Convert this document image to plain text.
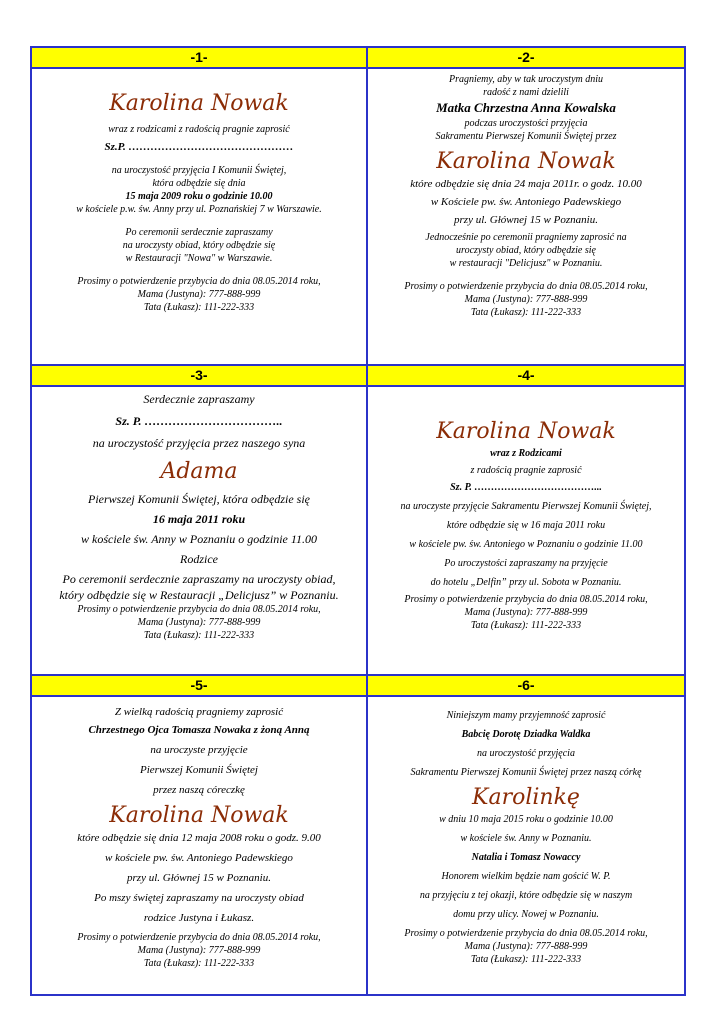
-1-	-2-
Karolina Nowak
wraz z rodzicami z radością pragnie zaprosić
Sz.P. ………………………………………
na uroczystość przyjęcia I Komunii Świętej,
która odbędzie się dnia
15 maja 2009 roku o godzinie 10.00
w kościele p.w. św. Anny przy ul. Poznańskiej 7 w Warszawie.
Po ceremonii serdecznie zapraszamy
na uroczysty obiad, który odbędzie się
w Restauracji "Nowa" w Warszawie.
Prosimy o potwierdzenie przybycia do dnia 08.05.2014 roku,
Mama (Justyna): 777-888-999
Tata (Łukasz): 111-222-333
Pragniemy, aby w tak uroczystym dniu
radość z nami dzielili
Matka Chrzestna Anna Kowalska
podczas uroczystości przyjęcia
Sakramentu Pierwszej Komunii Świętej przez
Karolina Nowak
które odbędzie się dnia 24 maja 2011r. o godz. 10.00
w Kościele pw. św. Antoniego Padewskiego
przy ul. Głównej 15 w Poznaniu.
Jednocześnie po ceremonii pragniemy zaprosić na
uroczysty obiad, który odbędzie się
w restauracji "Delicjusz" w Poznaniu.
Prosimy o potwierdzenie przybycia do dnia 08.05.2014 roku,
Mama (Justyna): 777-888-999
Tata (Łukasz): 111-222-333
-3-	-4-
Serdecznie zapraszamy
Sz. P. ……………………………..
na uroczystość przyjęcia przez naszego syna
Adama
Pierwszej Komunii Świętej, która odbędzie się
16 maja 2011 roku
w kościele św. Anny w Poznaniu o godzinie 11.00
Rodzice
Po ceremonii serdecznie zapraszamy na uroczysty obiad,
który odbędzie się w Restauracji „Delicjusz” w Poznaniu.
Prosimy o potwierdzenie przybycia do dnia 08.05.2014 roku,
Mama (Justyna): 777-888-999
Tata (Łukasz): 111-222-333
Karolina Nowak
wraz z Rodzicami
z radością pragnie zaprosić
Sz. P. ………………………………...
na uroczyste przyjęcie Sakramentu Pierwszej Komunii Świętej,
które odbędzie się w 16 maja 2011 roku
w kościele pw. św. Antoniego w Poznaniu o godzinie 11.00
Po uroczystości zapraszamy na przyjęcie
do hotelu „Delfin” przy ul. Sobota w Poznaniu.
Prosimy o potwierdzenie przybycia do dnia 08.05.2014 roku,
Mama (Justyna): 777-888-999
Tata (Łukasz): 111-222-333
-5-	-6-
Z wielką radością pragniemy zaprosić
Chrzestnego Ojca Tomasza Nowaka z żoną Anną
na uroczyste przyjęcie
Pierwszej Komunii Świętej
przez naszą córeczkę
Karolina Nowak
które odbędzie się dnia 12 maja 2008 roku o godz. 9.00
w kościele pw. św. Antoniego Padewskiego
przy ul. Głównej 15 w Poznaniu.
Po mszy świętej zapraszamy na uroczysty obiad
rodzice Justyna i Łukasz.
Prosimy o potwierdzenie przybycia do dnia 08.05.2014 roku,
Mama (Justyna): 777-888-999
Tata (Łukasz): 111-222-333
Niniejszym mamy przyjemność zaprosić
Babcię Dorotę Dziadka Waldka
na uroczystość przyjęcia
Sakramentu Pierwszej Komunii Świętej przez naszą córkę
Karolinkę
w dniu 10 maja 2015 roku o godzinie 10.00
w kościele św. Anny w Poznaniu.
Natalia i Tomasz Nowaccy
Honorem wielkim będzie nam gościć W. P.
na przyjęciu z tej okazji, które odbędzie się w naszym
domu przy ulicy. Nowej w Poznaniu.
Prosimy o potwierdzenie przybycia do dnia 08.05.2014 roku,
Mama (Justyna): 777-888-999
Tata (Łukasz): 111-222-333
